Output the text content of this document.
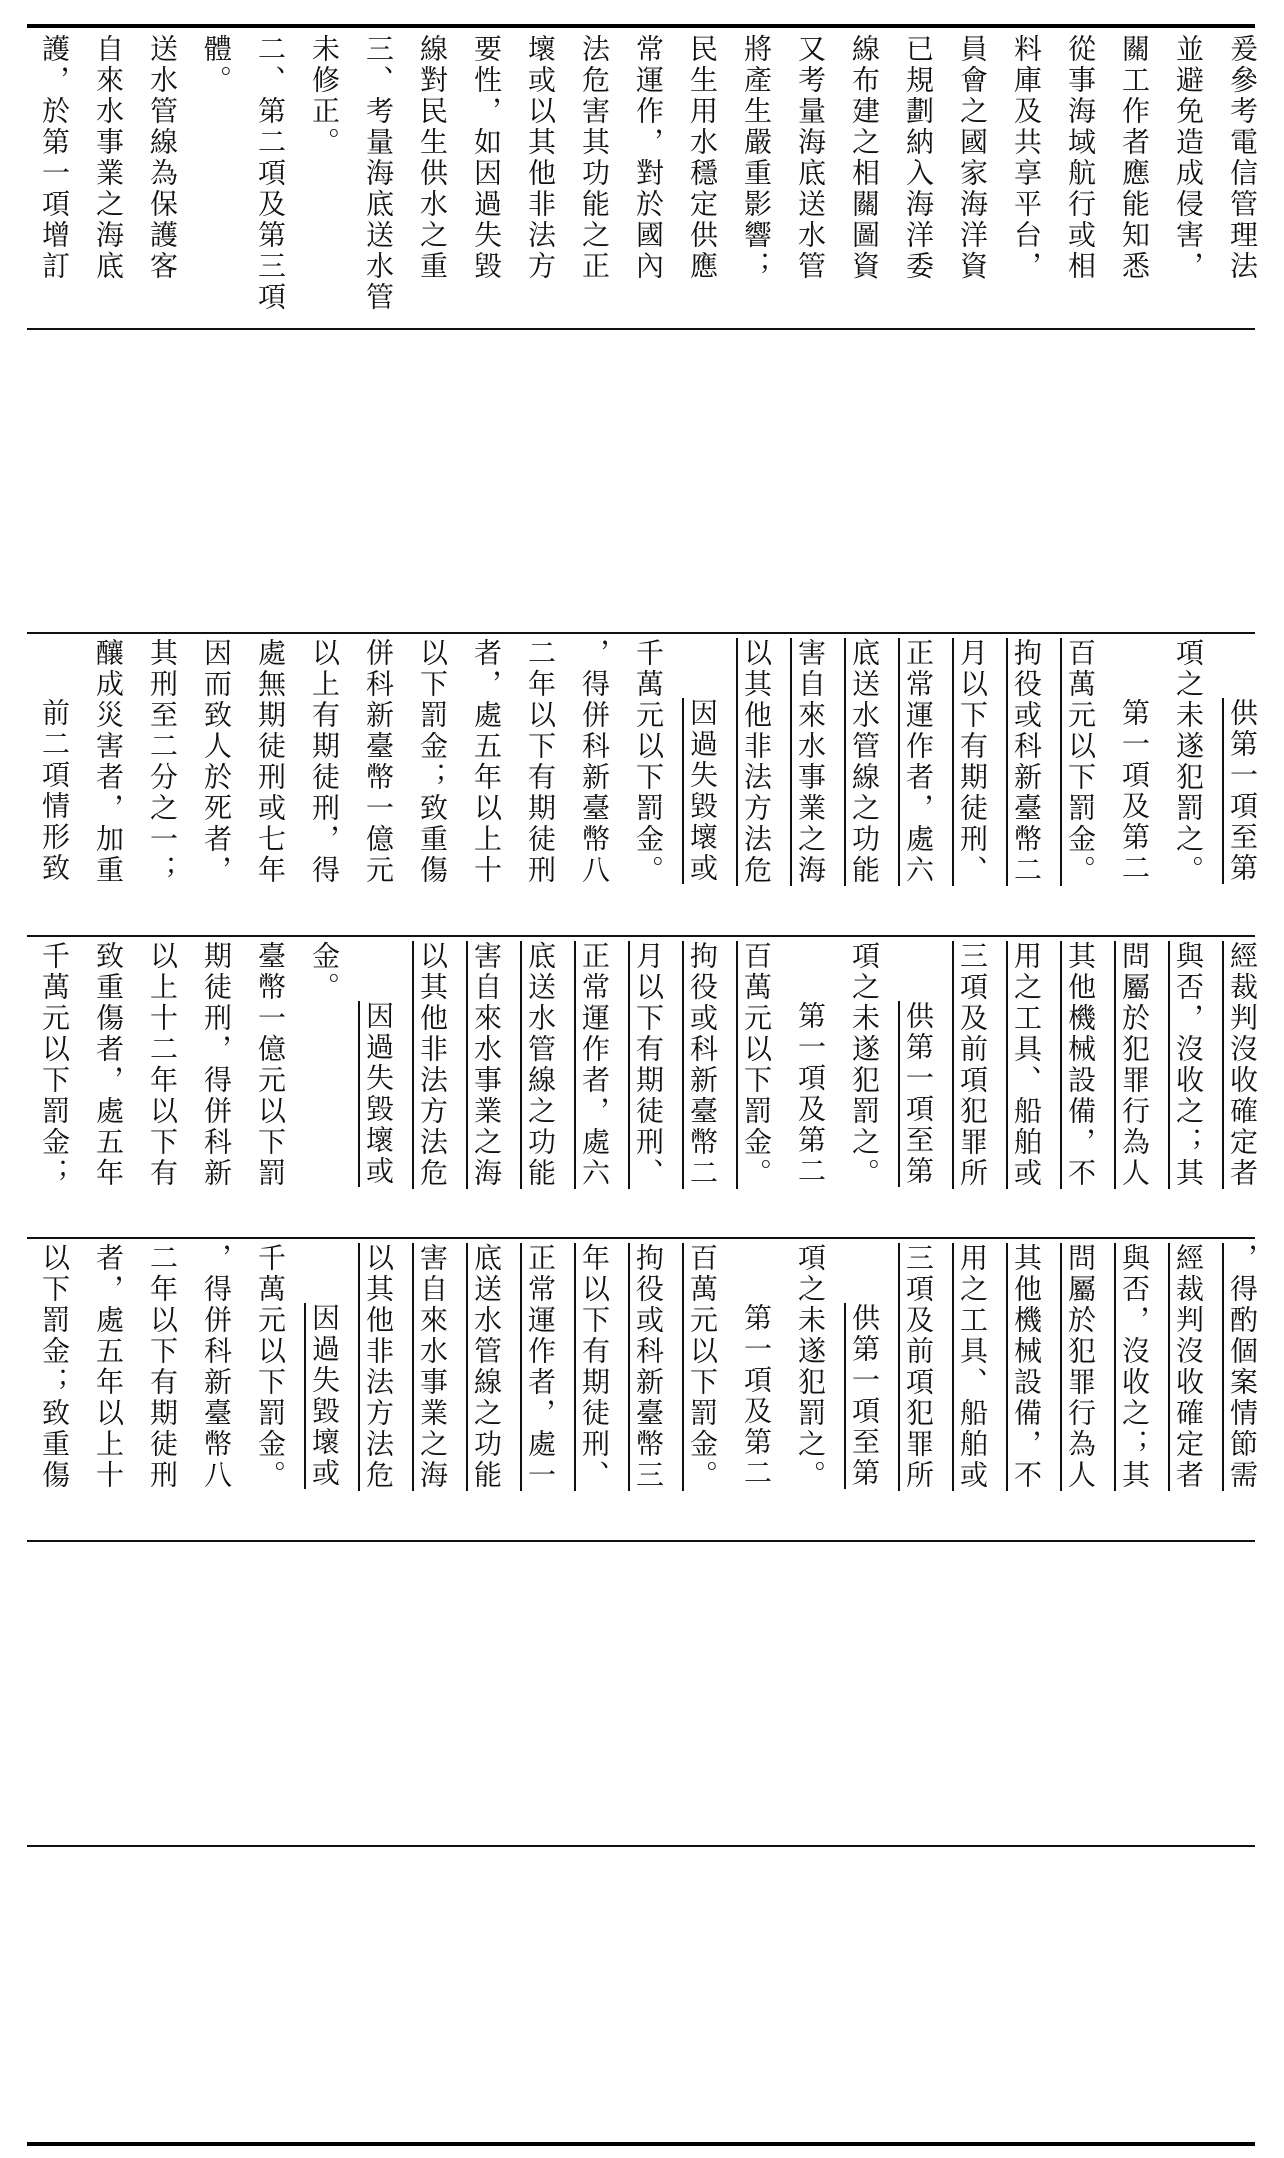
護，於第一項增訂 自來水事業之海底 送水管線為保護客 體。 二、第二項及第三項 未修正。 三、考量海底送水管 線對民生供水之重 要性，如因過失毀 壞或以其他非法方 法危害其功能之正 常運作，對於國內 民生用水穩定供應 將產生嚴重影響； 又考量海底送水管 線布建之相關圖資 已規劃納入海洋委 員會之國家海洋資 料庫及共享平台， 從事海域航行或相 關工作者應能知悉 並避免造成侵害， 爰參考電信管理法
前二項情形致 釀成災害者，加重 其刑至二分之一； 因而致人於死者， 處無期徒刑或七年 以上有期徒刑，得 併科新臺幣一億元 以下罰金；致重傷 者，處五年以上十 二年以下有期徒刑 ，得併科新臺幣八 千萬元以下罰金。 因過失毀壞或 以其他非法方法危 害自來水事業之海 底送水管線之功能 正常運作者，處六 月以下有期徒刑、 拘役或科新臺幣二 百萬元以下罰金。 第一項及第二 項之未遂犯罰之。 供第一項至第
千萬元以下罰金； 致重傷者，處五年 以上十二年以下有 期徒刑，得併科新 臺幣一億元以下罰 金。
因過失毀壞或 以其他非法方法危 害自來水事業之海 底送水管線之功能 正常運作者，處六 月以下有期徒刑、 拘役或科新臺幣二 百萬元以下罰金。 第一項及第二 項之未遂犯罰之。 供第一項至第 三項及前項犯罪所 用之工具、船舶或 其他機械設備，不 問屬於犯罪行為人 與否，沒收之；其 經裁判沒收確定者
以下罰金；致重傷 者，處五年以上十 二年以下有期徒刑 ，得併科新臺幣八 千萬元以下罰金。 因過失毀壞或 以其他非法方法危 害自來水事業之海 底送水管線之功能 正常運作者，處一 年以下有期徒刑、 拘役或科新臺幣三 百萬元以下罰金。 第一項及第二 項之未遂犯罰之。 供第一項至第 三項及前項犯罪所 用之工具、船舶或 其他機械設備，不 問屬於犯罪行為人 與否，沒收之；其 經裁判沒收確定者 ，得酌個案情節需
